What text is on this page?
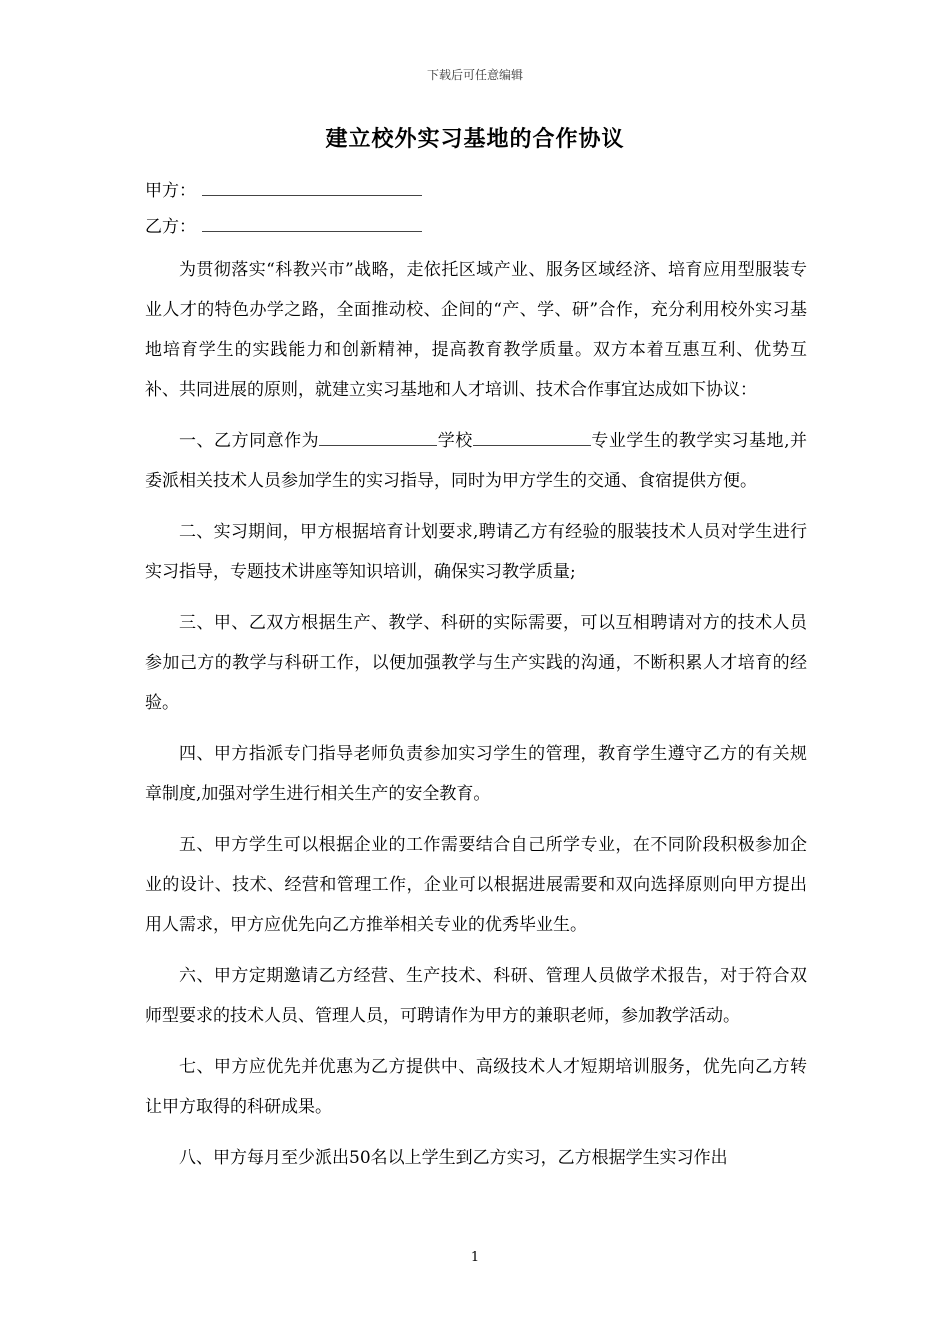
下载后可任意编辑
建立校外实习基地的合作协议
甲方：
乙方：

为贯彻落实“科教兴市”战略，走依托区域产业、服务区域经济、培育应用型服装专业人才的特色办学之路，全面推动校、企间的“产、学、研”合作，充分利用校外实习基地培育学生的实践能力和创新精神，提高教育教学质量。双方本着互惠互利、优势互补、共同进展的原则，就建立实习基地和人才培训、技术合作事宜达成如下协议：

一、乙方同意作为	学校	专业学生的教学实习基地,并委派相关技术人员参加学生的实习指导，同时为甲方学生的交通、食宿提供方便。

二、实习期间，甲方根据培育计划要求,聘请乙方有经验的服装技术人员对学生进行实习指导，专题技术讲座等知识培训，确保实习教学质量;

三、甲、乙双方根据生产、教学、科研的实际需要，可以互相聘请对方的技术人员参加己方的教学与科研工作，以便加强教学与生产实践的沟通，不断积累人才培育的经验。

四、甲方指派专门指导老师负责参加实习学生的管理，教育学生遵守乙方的有关规章制度,加强对学生进行相关生产的安全教育。

五、甲方学生可以根据企业的工作需要结合自己所学专业，在不同阶段积极参加企业的设计、技术、经营和管理工作，企业可以根据进展需要和双向选择原则向甲方提出用人需求，甲方应优先向乙方推举相关专业的优秀毕业生。

六、甲方定期邀请乙方经营、生产技术、科研、管理人员做学术报告，对于符合双师型要求的技术人员、管理人员，可聘请作为甲方的兼职老师，参加教学活动。

七、甲方应优先并优惠为乙方提供中、高级技术人才短期培训服务，优先向乙方转让甲方取得的科研成果。

八、甲方每月至少派出50名以上学生到乙方实习，乙方根据学生实习作出

1
